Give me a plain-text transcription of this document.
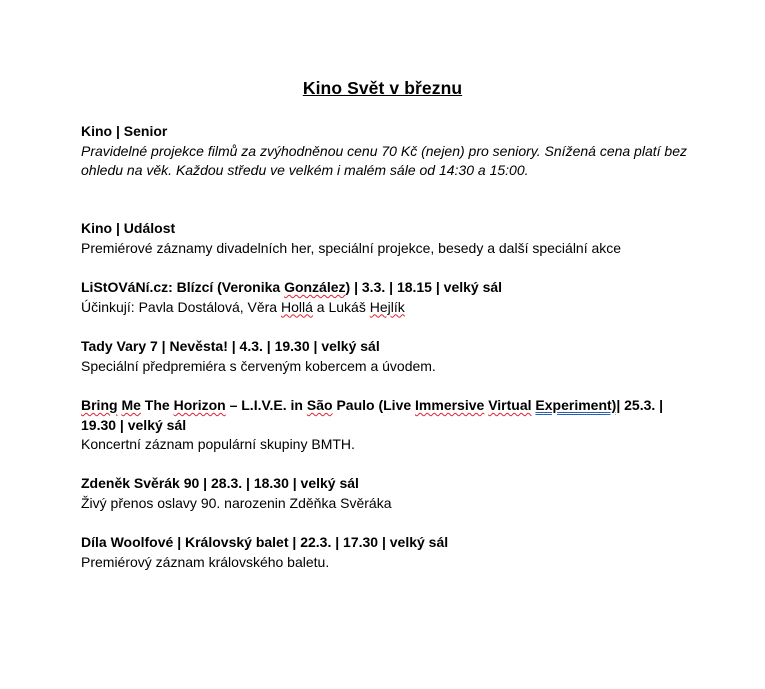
Kino Svět v březnu
Kino | Senior
Pravidelné projekce filmů za zvýhodněnou cenu 70 Kč (nejen) pro seniory. Snížená cena platí bez ohledu na věk. Každou středu ve velkém i malém sále od 14:30 a 15:00.
Kino | Událost
Premiérové záznamy divadelních her, speciální projekce, besedy a další speciální akce
LiStOVáNí.cz: Blízcí (Veronika González) | 3.3. | 18.15 | velký sál
Účinkují: Pavla Dostálová, Věra Hollá a Lukáš Hejlík
Tady Vary 7 | Nevěsta! | 4.3. | 19.30 | velký sál
Speciální předpremiéra s červeným kobercem a úvodem.
Bring Me The Horizon – L.I.V.E. in São Paulo (Live Immersive Virtual Experiment)| 25.3. | 19.30 | velký sál
Koncertní záznam populární skupiny BMTH.
Zdeněk Svěrák 90 | 28.3. | 18.30 | velký sál
Živý přenos oslavy 90. narozenin Zděňka Svěráka
Díla Woolfové | Královský balet | 22.3. | 17.30 | velký sál
Premiérový záznam královského baletu.
